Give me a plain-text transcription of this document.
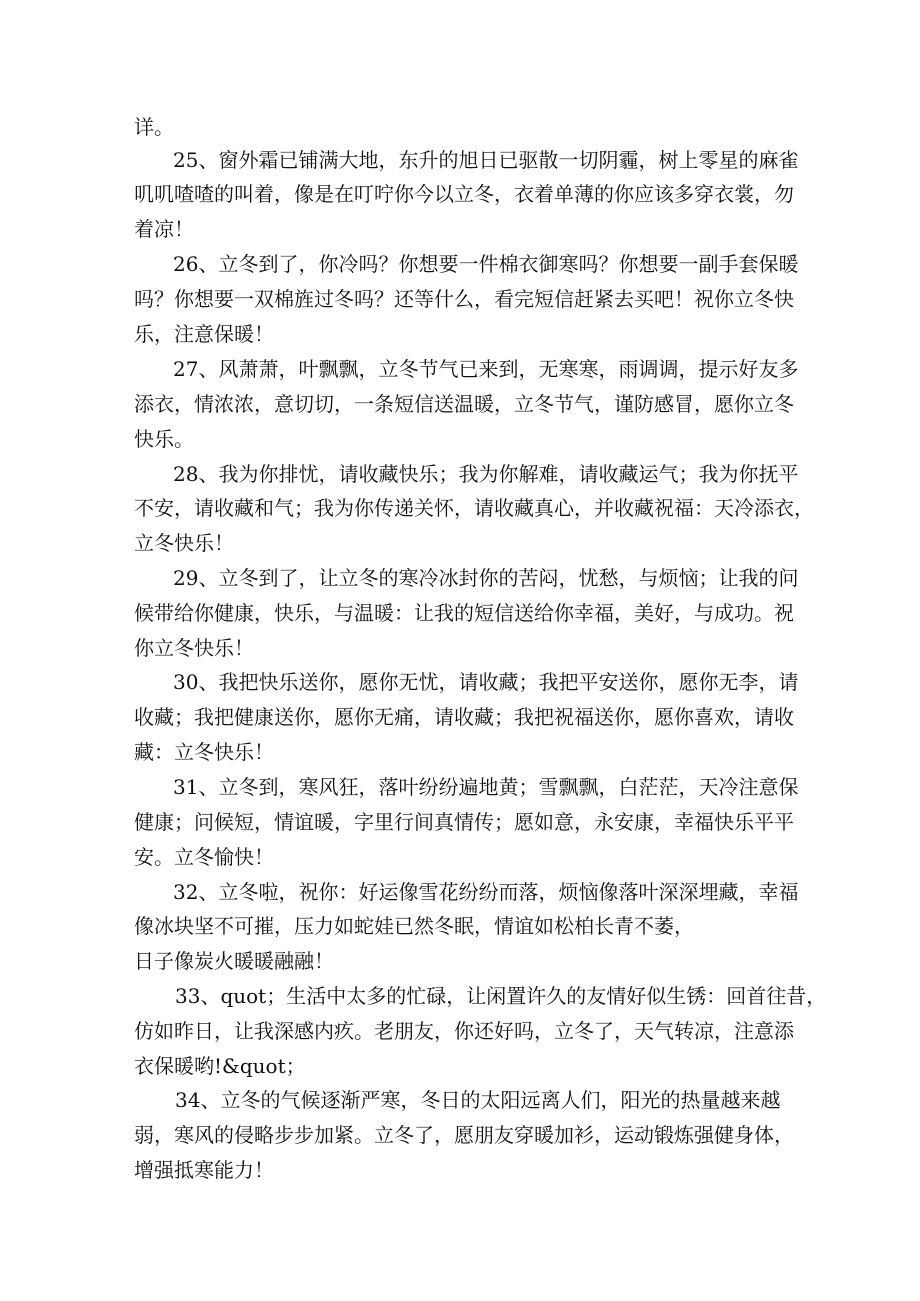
详。
25、窗外霜已铺满大地，东升的旭日已驱散一切阴霾，树上零星的麻雀
叽叽喳喳的叫着，像是在叮咛你今以立冬，衣着单薄的你应该多穿衣裳，勿
着凉！
26、立冬到了，你冷吗？你想要一件棉衣御寒吗？你想要一副手套保暖
吗？你想要一双棉旌过冬吗？还等什么，看完短信赶紧去买吧！祝你立冬快
乐，注意保暖！
27、风萧萧，叶飘飘，立冬节气已来到，无寒寒，雨调调，提示好友多
添衣，情浓浓，意切切，一条短信送温暖，立冬节气，谨防感冒，愿你立冬
快乐。
28、我为你排忧，请收藏快乐；我为你解难，请收藏运气；我为你抚平
不安，请收藏和气；我为你传递关怀，请收藏真心，并收藏祝福：天冷添衣，
立冬快乐！
29、立冬到了，让立冬的寒冷冰封你的苦闷，忧愁，与烦恼；让我的问
候带给你健康，快乐，与温暖：让我的短信送给你幸福，美好，与成功。祝
你立冬快乐！
30、我把快乐送你，愿你无忧，请收藏；我把平安送你，愿你无李，请
收藏；我把健康送你，愿你无痛，请收藏；我把祝福送你，愿你喜欢，请收
藏：立冬快乐！
31、立冬到，寒风狂，落叶纷纷遍地黄；雪飘飘，白茫茫，天冷注意保
健康；问候短，情谊暖，字里行间真情传；愿如意，永安康，幸福快乐平平
安。立冬愉快！
32、立冬啦，祝你：好运像雪花纷纷而落，烦恼像落叶深深埋藏，幸福
像冰块坚不可摧，压力如蛇娃已然冬眠，情谊如松柏长青不萎，
日子像炭火暖暖融融！
33、quot；生活中太多的忙碌，让闲置许久的友情好似生锈：回首往昔，
仿如昨日，让我深感内疚。老朋友，你还好吗，立冬了，天气转凉，注意添
衣保暖哟!&quot；
34、立冬的气候逐渐严寒，冬日的太阳远离人们，阳光的热量越来越
弱，寒风的侵略步步加紧。立冬了，愿朋友穿暖加衫，运动锻炼强健身体，
增强抵寒能力！
